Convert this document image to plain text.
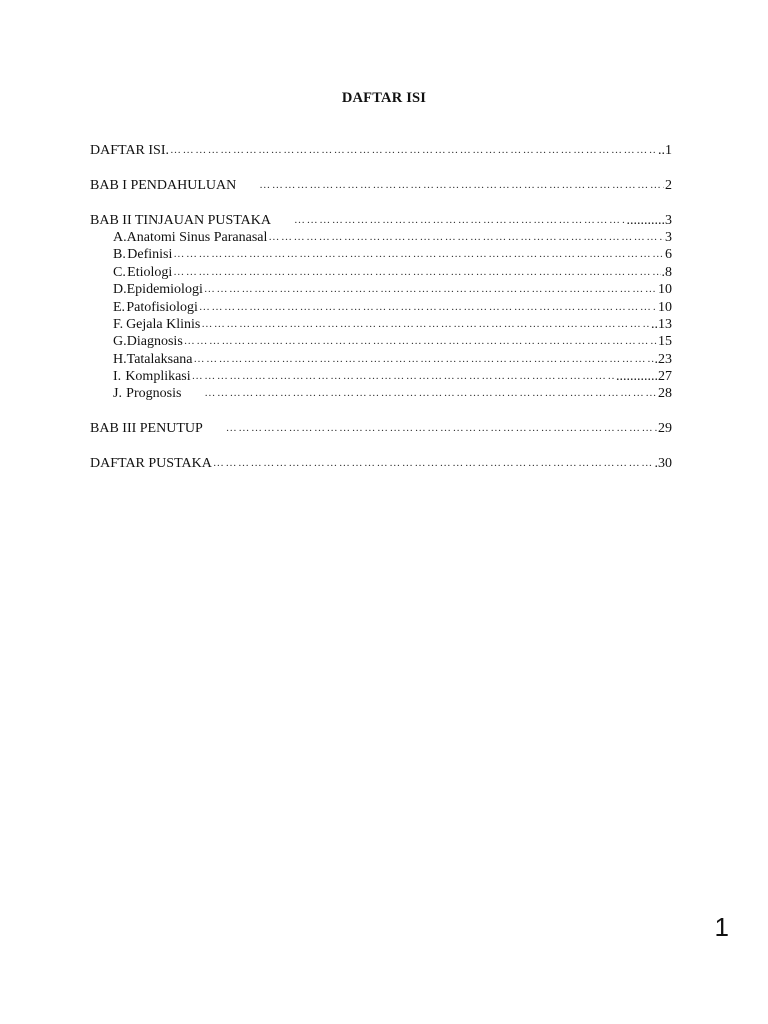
DAFTAR ISI
DAFTAR ISI. ………………………………………………………………………………………………………………………………………………………………	..1
BAB I PENDAHULUAN ………………………………………………………………………………………………………………………………………………………………	2
BAB II TINJAUAN PUSTAKA ………………………………………………………………………………………………………………………………………………………………	...........3
A. Anatomi Sinus Paranasal ………………………………………………………………………………………………………………………………………………………………	3
B. Definisi ………………………………………………………………………………………………………………………………………………………………	6
C. Etiologi ………………………………………………………………………………………………………………………………………………………………	.8
D. Epidemiologi ………………………………………………………………………………………………………………………………………………………………	10
E. Patofisiologi ………………………………………………………………………………………………………………………………………………………………	10
F. Gejala Klinis ………………………………………………………………………………………………………………………………………………………………	..13
G. Diagnosis ………………………………………………………………………………………………………………………………………………………………	15
H. Tatalaksana ………………………………………………………………………………………………………………………………………………………………	.23
I. Komplikasi ………………………………………………………………………………………………………………………………………………………………	............27
J. Prognosis ………………………………………………………………………………………………………………………………………………………………	28
BAB III PENUTUP ………………………………………………………………………………………………………………………………………………………………	29
DAFTAR PUSTAKA ………………………………………………………………………………………………………………………………………………………………	.30
1
